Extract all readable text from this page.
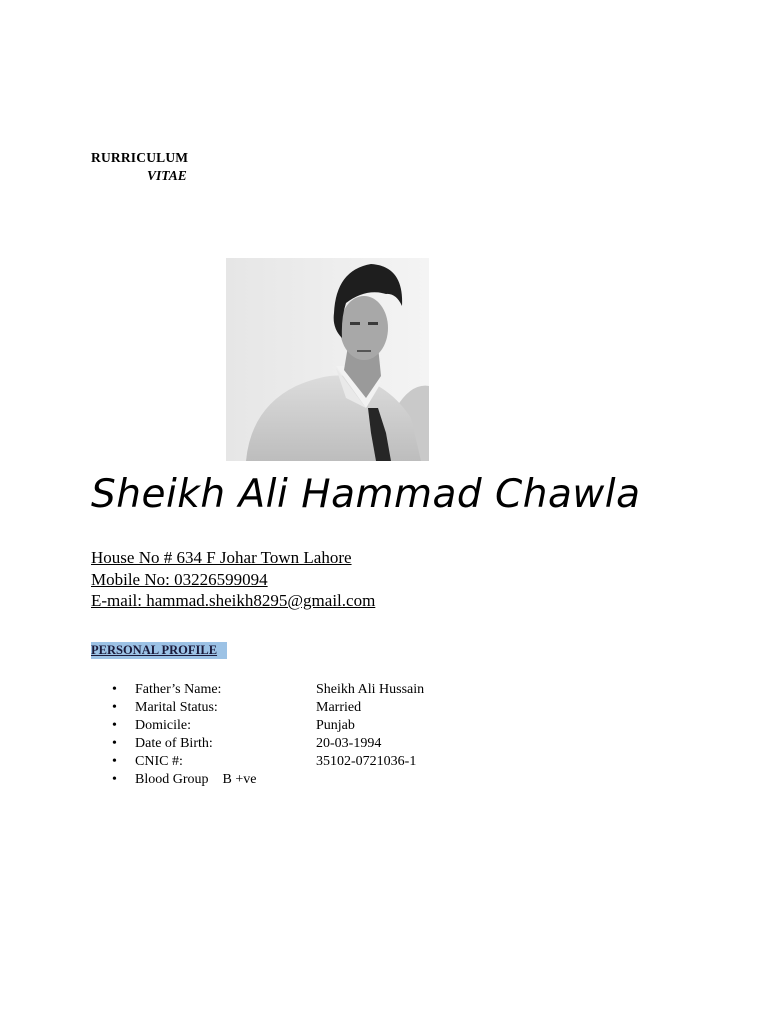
RURRICULUM
VITAE
Sheikh Ali Hammad Chawla
House No # 634 F Johar Town Lahore
Mobile No: 03226599094
E-mail: hammad.sheikh8295@gmail.com
PERSONAL PROFILE
• Father’s Name:	Sheikh Ali Hussain
• Marital Status:	Married
• Domicile:	Punjab
• Date of Birth:	20-03-1994
• CNIC #:	35102-0721036-1
• Blood Group    B +ve
